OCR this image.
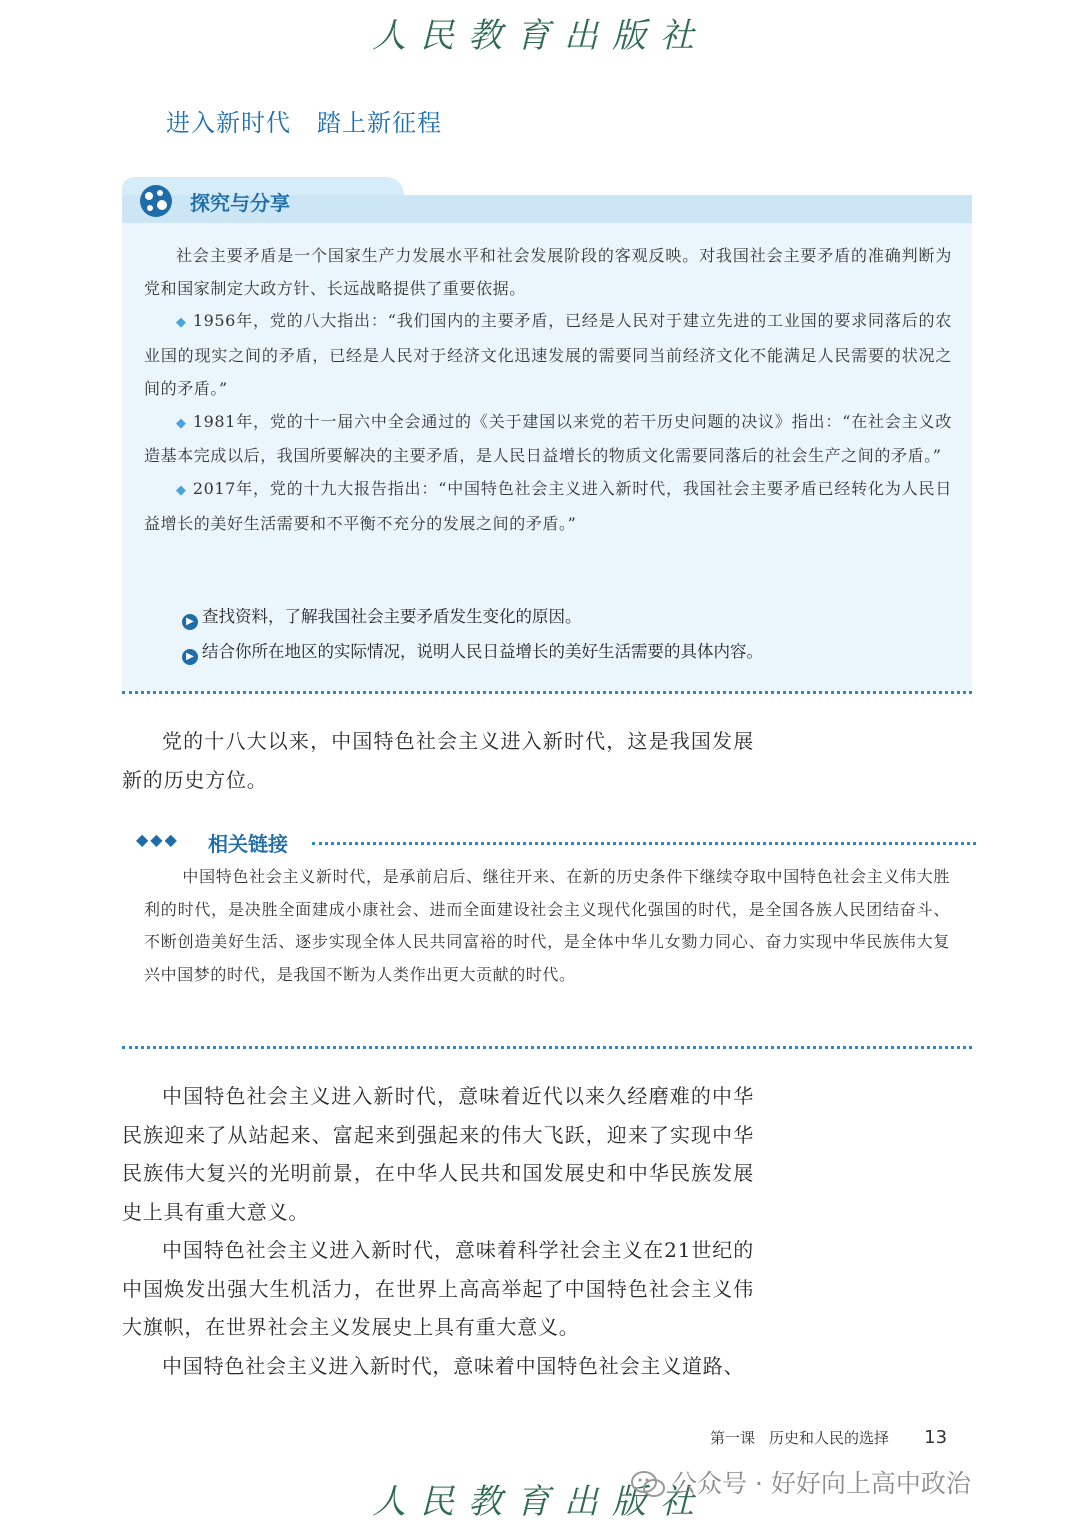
人民教育出版社
进入新时代 踏上新征程
探究与分享

社会主要矛盾是一个国家生产力发展水平和社会发展阶段的客观反映。对我国社会主要矛盾的准确判断为党和国家制定大政方针、长远战略提供了重要依据。

◆ 1956年，党的八大指出：“我们国内的主要矛盾，已经是人民对于建立先进的工业国的要求同落后的农业国的现实之间的矛盾，已经是人民对于经济文化迅速发展的需要同当前经济文化不能满足人民需要的状况之间的矛盾。”

◆ 1981年，党的十一届六中全会通过的《关于建国以来党的若干历史问题的决议》指出：“在社会主义改造基本完成以后，我国所要解决的主要矛盾，是人民日益增长的物质文化需要同落后的社会生产之间的矛盾。”

◆ 2017年，党的十九大报告指出：“中国特色社会主义进入新时代，我国社会主要矛盾已经转化为人民日益增长的美好生活需要和不平衡不充分的发展之间的矛盾。”

▶ 查找资料，了解我国社会主要矛盾发生变化的原因。
▶ 结合你所在地区的实际情况，说明人民日益增长的美好生活需要的具体内容。

党的十八大以来，中国特色社会主义进入新时代，这是我国发展新的历史方位。

◆◆◆ 相关链接

中国特色社会主义新时代，是承前启后、继往开来、在新的历史条件下继续夺取中国特色社会主义伟大胜利的时代，是决胜全面建成小康社会、进而全面建设社会主义现代化强国的时代，是全国各族人民团结奋斗、不断创造美好生活、逐步实现全体人民共同富裕的时代，是全体中华儿女勠力同心、奋力实现中华民族伟大复兴中国梦的时代，是我国不断为人类作出更大贡献的时代。

中国特色社会主义进入新时代，意味着近代以来久经磨难的中华民族迎来了从站起来、富起来到强起来的伟大飞跃，迎来了实现中华民族伟大复兴的光明前景，在中华人民共和国发展史和中华民族发展史上具有重大意义。

中国特色社会主义进入新时代，意味着科学社会主义在21世纪的中国焕发出强大生机活力，在世界上高高举起了中国特色社会主义伟大旗帜，在世界社会主义发展史上具有重大意义。

中国特色社会主义进入新时代，意味着中国特色社会主义道路、

第一课 历史和人民的选择 13
人民教育出版社
公众号 · 好好向上高中政治
